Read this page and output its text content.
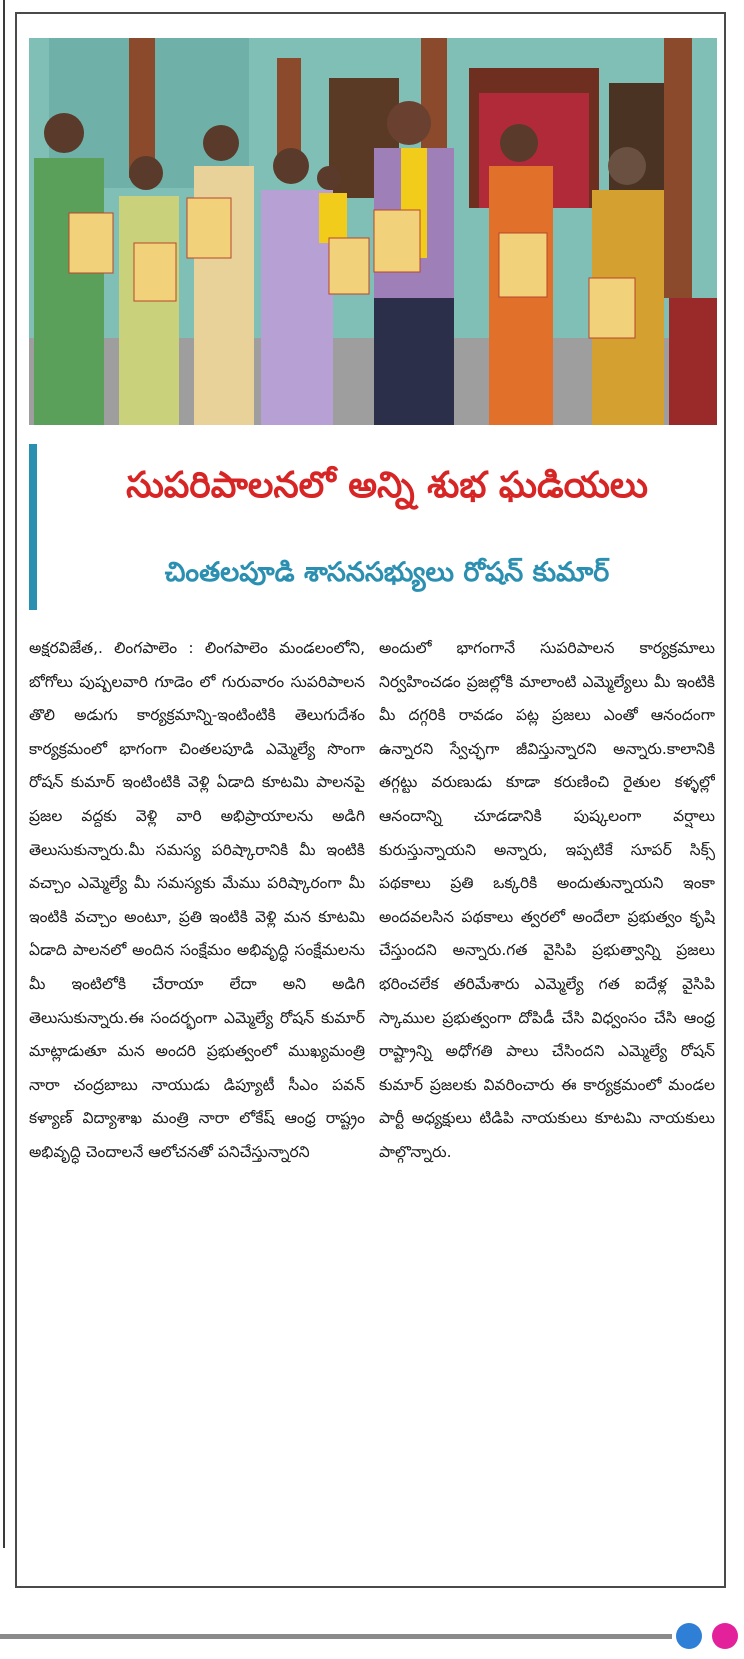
సుపరిపాలనలో అన్ని శుభ ఘడియలు
చింతలపూడి శాసనసభ్యులు రోషన్ కుమార్

అక్షరవిజేత,. లింగపాలెం : లింగపాలెం మండలంలోని, బోగోలు పుష్పలవారి గూడెం లో గురువారం సుపరిపాలన తొలి అడుగు కార్యక్రమాన్ని-ఇంటింటికి తెలుగుదేశం కార్యక్రమంలో భాగంగా చింతలపూడి ఎమ్మెల్యే సొంగా రోషన్ కుమార్ ఇంటింటికి వెళ్లి ఏడాది కూటమి పాలనపై ప్రజల వద్దకు వెళ్లి వారి అభిప్రాయాలను అడిగి తెలుసుకున్నారు.మీ సమస్య పరిష్కారానికి మీ ఇంటికి వచ్చాం ఎమ్మెల్యే మీ సమస్యకు మేము పరిష్కారంగా మీ ఇంటికి వచ్చాం అంటూ, ప్రతి ఇంటికి వెళ్లి మన కూటమి ఏడాది పాలనలో అందిన సంక్షేమం అభివృద్ధి సంక్షేమలను మీ ఇంటిలోకి చేరాయా లేదా అని అడిగి తెలుసుకున్నారు.ఈ సందర్భంగా ఎమ్మెల్యే రోషన్ కుమార్ మాట్లాడుతూ మన అందరి ప్రభుత్వంలో ముఖ్యమంత్రి నారా చంద్రబాబు నాయుడు డిప్యూటీ సీఎం పవన్ కళ్యాణ్ విద్యాశాఖ మంత్రి నారా లోకేష్ ఆంధ్ర రాష్ట్రం అభివృద్ధి చెందాలనే ఆలోచనతో పనిచేస్తున్నారని

అందులో భాగంగానే సుపరిపాలన కార్యక్రమాలు నిర్వహించడం ప్రజల్లోకి మాలాంటి ఎమ్మెల్యేలు మీ ఇంటికి మీ దగ్గరికి రావడం పట్ల ప్రజలు ఎంతో ఆనందంగా ఉన్నారని స్వేచ్ఛగా జీవిస్తున్నారని అన్నారు.కాలానికి తగ్గట్టు వరుణుడు కూడా కరుణించి రైతుల కళ్ళల్లో ఆనందాన్ని చూడడానికి పుష్కలంగా వర్షాలు కురుస్తున్నాయని అన్నారు, ఇప్పటికే సూపర్ సిక్స్ పథకాలు ప్రతి ఒక్కరికి అందుతున్నాయని ఇంకా అందవలసిన పథకాలు త్వరలో అందేలా ప్రభుత్వం కృషి చేస్తుందని అన్నారు.గత వైసిపి ప్రభుత్వాన్ని ప్రజలు భరించలేక తరిమేశారు ఎమ్మెల్యే గత ఐదేళ్ల వైసిపి స్కాముల ప్రభుత్వంగా దోపిడీ చేసి విధ్వంసం చేసి ఆంధ్ర రాష్ట్రాన్ని అధోగతి పాలు చేసిందని ఎమ్మెల్యే రోషన్ కుమార్ ప్రజలకు వివరించారు ఈ కార్యక్రమంలో మండల పార్టీ అధ్యక్షులు టిడిపి నాయకులు కూటమి నాయకులు పాల్గొన్నారు.
